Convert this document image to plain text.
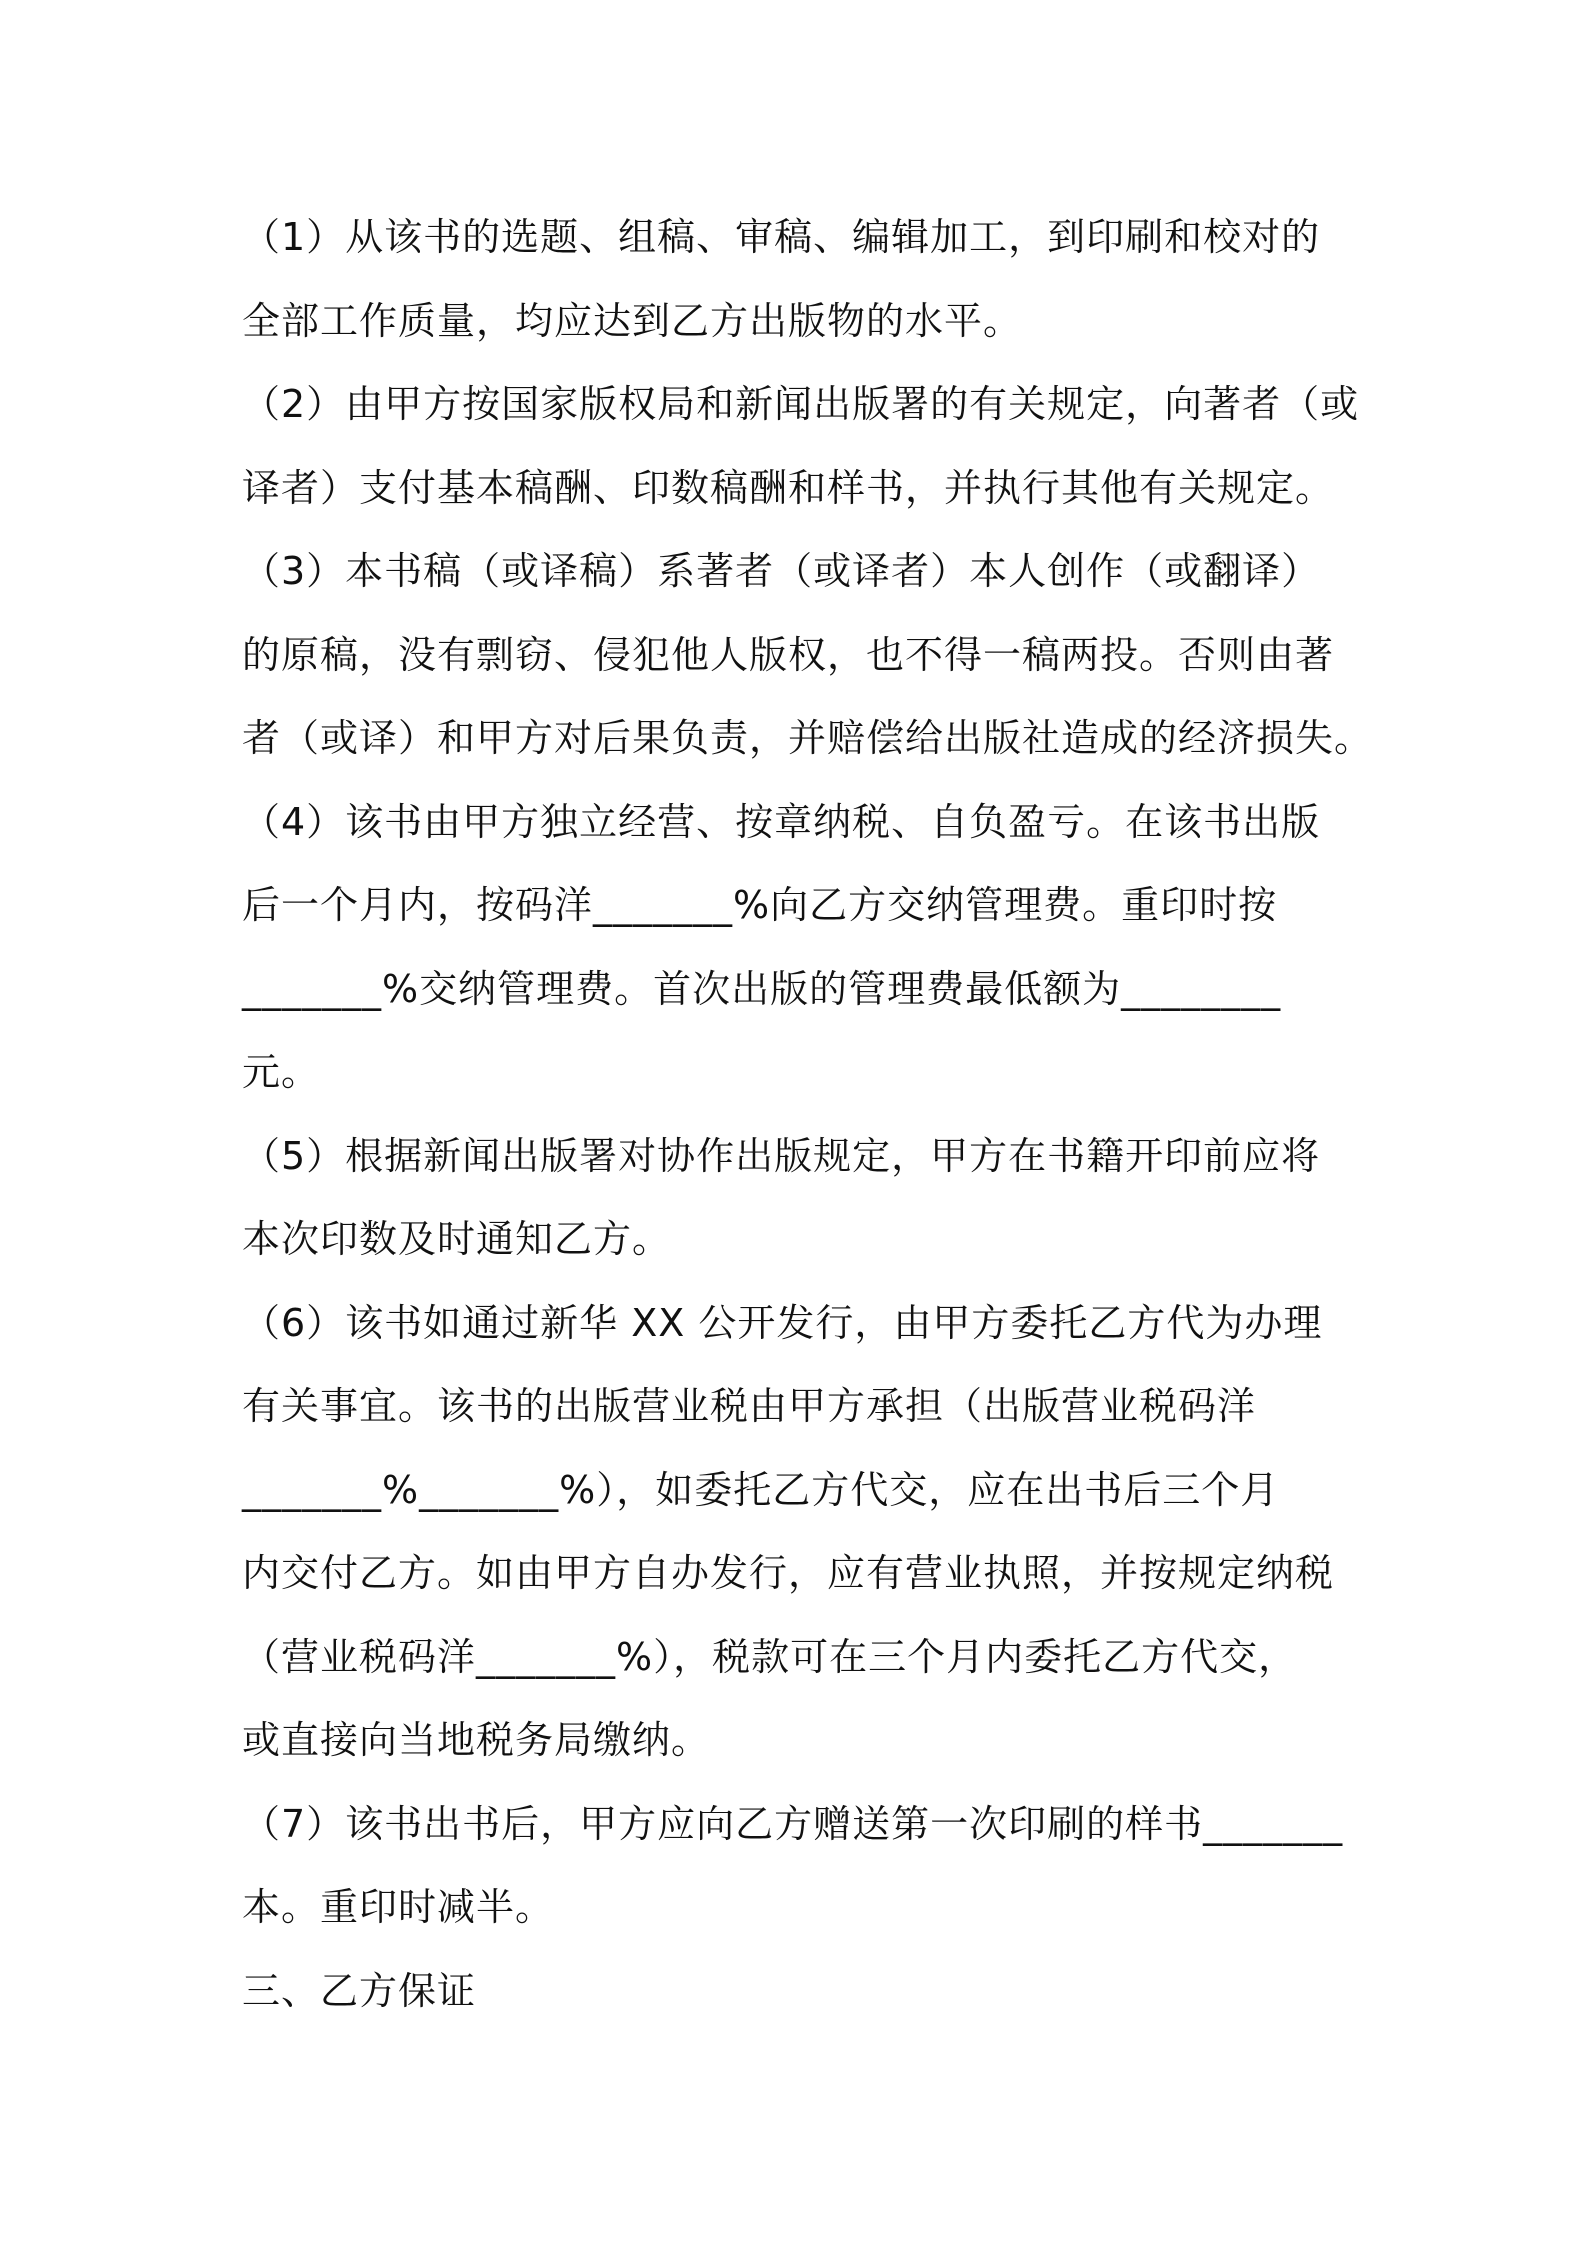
（1）从该书的选题、组稿、审稿、编辑加工，到印刷和校对的
全部工作质量，均应达到乙方出版物的水平。

（2）由甲方按国家版权局和新闻出版署的有关规定，向著者（或
译者）支付基本稿酬、印数稿酬和样书，并执行其他有关规定。

（3）本书稿（或译稿）系著者（或译者）本人创作（或翻译）
的原稿，没有剽窃、侵犯他人版权，也不得一稿两投。否则由著
者（或译）和甲方对后果负责，并赔偿给出版社造成的经济损失。

（4）该书由甲方独立经营、按章纳税、自负盈亏。在该书出版
后一个月内，按码洋_______%向乙方交纳管理费。重印时按
_______%交纳管理费。首次出版的管理费最低额为________
元。

（5）根据新闻出版署对协作出版规定，甲方在书籍开印前应将
本次印数及时通知乙方。

（6）该书如通过新华 XX 公开发行，由甲方委托乙方代为办理
有关事宜。该书的出版营业税由甲方承担（出版营业税码洋
_______%_______%），如委托乙方代交，应在出书后三个月
内交付乙方。如由甲方自办发行，应有营业执照，并按规定纳税
（营业税码洋_______%），税款可在三个月内委托乙方代交，
或直接向当地税务局缴纳。

（7）该书出书后，甲方应向乙方赠送第一次印刷的样书_______
本。重印时减半。

三、乙方保证
